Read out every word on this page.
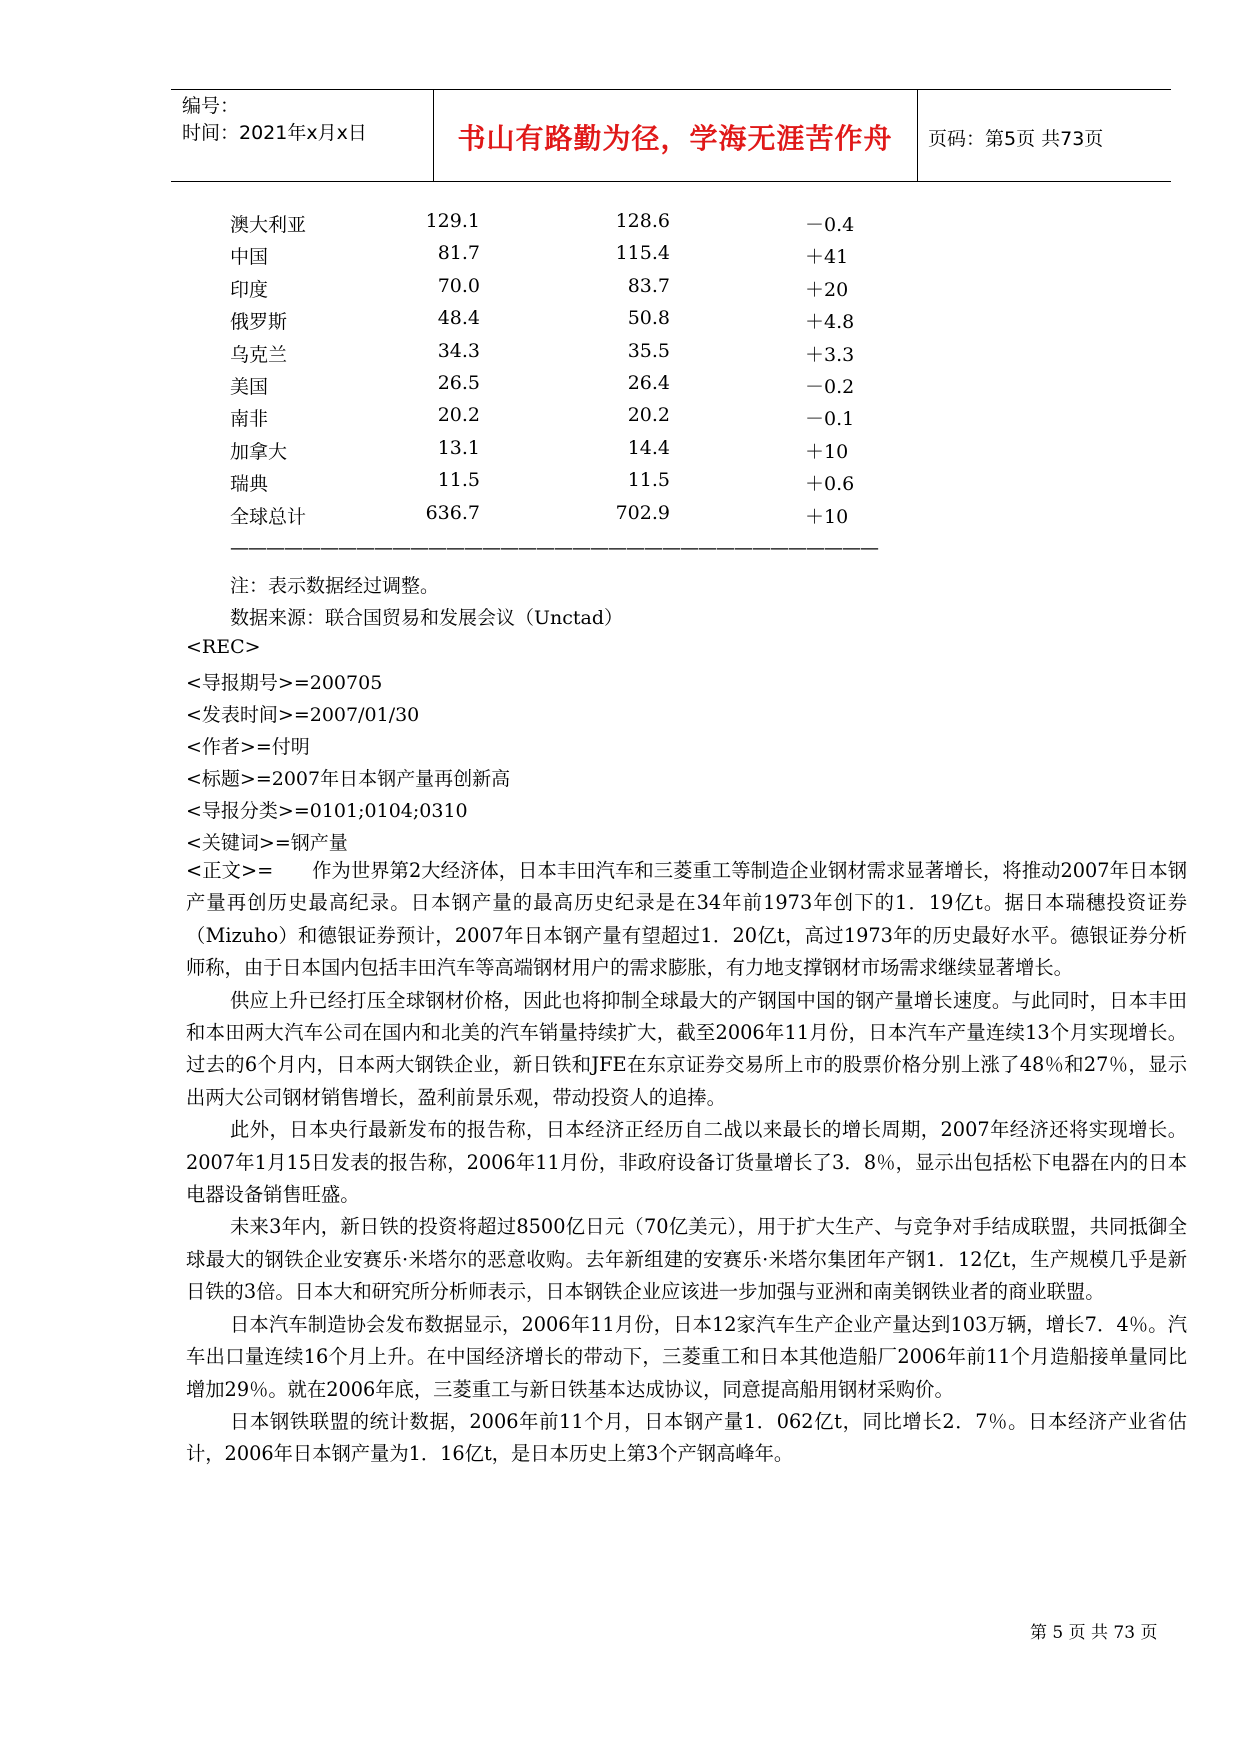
编号：
时间：2021年x月x日	书山有路勤为径，学海无涯苦作舟	页码：第5页 共73页
澳大利亚	129.1	128.6	－0.4
中国	81.7	115.4	＋41
印度	70.0	83.7	＋20
俄罗斯	48.4	50.8	＋4.8
乌克兰	34.3	35.5	＋3.3
美国	26.5	26.4	－0.2
南非	20.2	20.2	－0.1
加拿大	13.1	14.4	＋10
瑞典	11.5	11.5	＋0.6
全球总计	636.7	702.9	＋10
————————————————————————————————————
注：表示数据经过调整。
数据来源：联合国贸易和发展会议（Unctad）
<REC>
<导报期号>=200705
<发表时间>=2007/01/30
<作者>=付明
<标题>=2007年日本钢产量再创新高
<导报分类>=0101;0104;0310
<关键词>=钢产量

<正文>=　　作为世界第2大经济体，日本丰田汽车和三菱重工等制造企业钢材需求显著增长，将推动2007年日本钢产量再创历史最高纪录。日本钢产量的最高历史纪录是在34年前1973年创下的1．19亿t。据日本瑞穗投资证券（Mizuho）和德银证券预计，2007年日本钢产量有望超过1．20亿t，高过1973年的历史最好水平。德银证券分析师称，由于日本国内包括丰田汽车等高端钢材用户的需求膨胀，有力地支撑钢材市场需求继续显著增长。

供应上升已经打压全球钢材价格，因此也将抑制全球最大的产钢国中国的钢产量增长速度。与此同时，日本丰田和本田两大汽车公司在国内和北美的汽车销量持续扩大，截至2006年11月份，日本汽车产量连续13个月实现增长。过去的6个月内，日本两大钢铁企业，新日铁和JFE在东京证券交易所上市的股票价格分别上涨了48％和27％，显示出两大公司钢材销售增长，盈利前景乐观，带动投资人的追捧。

此外，日本央行最新发布的报告称，日本经济正经历自二战以来最长的增长周期，2007年经济还将实现增长。2007年1月15日发表的报告称，2006年11月份，非政府设备订货量增长了3．8％，显示出包括松下电器在内的日本电器设备销售旺盛。

未来3年内，新日铁的投资将超过8500亿日元（70亿美元），用于扩大生产、与竞争对手结成联盟，共同抵御全球最大的钢铁企业安赛乐·米塔尔的恶意收购。去年新组建的安赛乐·米塔尔集团年产钢1．12亿t，生产规模几乎是新日铁的3倍。日本大和研究所分析师表示，日本钢铁企业应该进一步加强与亚洲和南美钢铁业者的商业联盟。

日本汽车制造协会发布数据显示，2006年11月份，日本12家汽车生产企业产量达到103万辆，增长7．4％。汽车出口量连续16个月上升。在中国经济增长的带动下，三菱重工和日本其他造船厂2006年前11个月造船接单量同比增加29％。就在2006年底，三菱重工与新日铁基本达成协议，同意提高船用钢材采购价。

日本钢铁联盟的统计数据，2006年前11个月，日本钢产量1．062亿t，同比增长2．7％。日本经济产业省估计，2006年日本钢产量为1．16亿t，是日本历史上第3个产钢高峰年。

第 5 页 共 73 页
